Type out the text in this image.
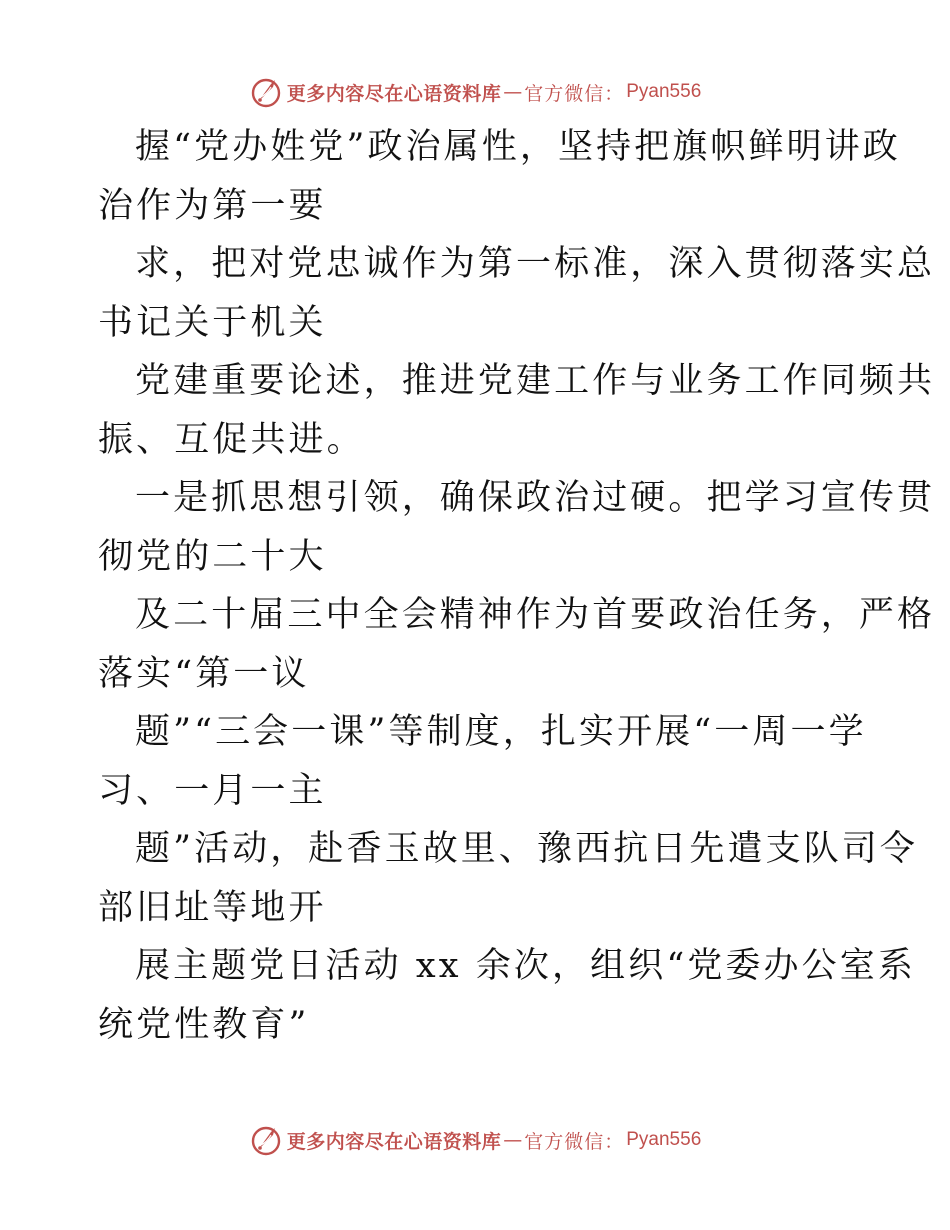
更多内容尽在心语资料库 — 官方微信： Pyan556
握“党办姓党”政治属性，坚持把旗帜鲜明讲政
治作为第一要
求，把对党忠诚作为第一标准，深入贯彻落实总
书记关于机关
党建重要论述，推进党建工作与业务工作同频共
振、互促共进。
一是抓思想引领，确保政治过硬。把学习宣传贯
彻党的二十大
及二十届三中全会精神作为首要政治任务，严格
落实“第一议
题”“三会一课”等制度，扎实开展“一周一学
习、一月一主
题”活动，赴香玉故里、豫西抗日先遣支队司令
部旧址等地开
展主题党日活动 xx 余次，组织“党委办公室系
统党性教育”
更多内容尽在心语资料库 — 官方微信： Pyan556
